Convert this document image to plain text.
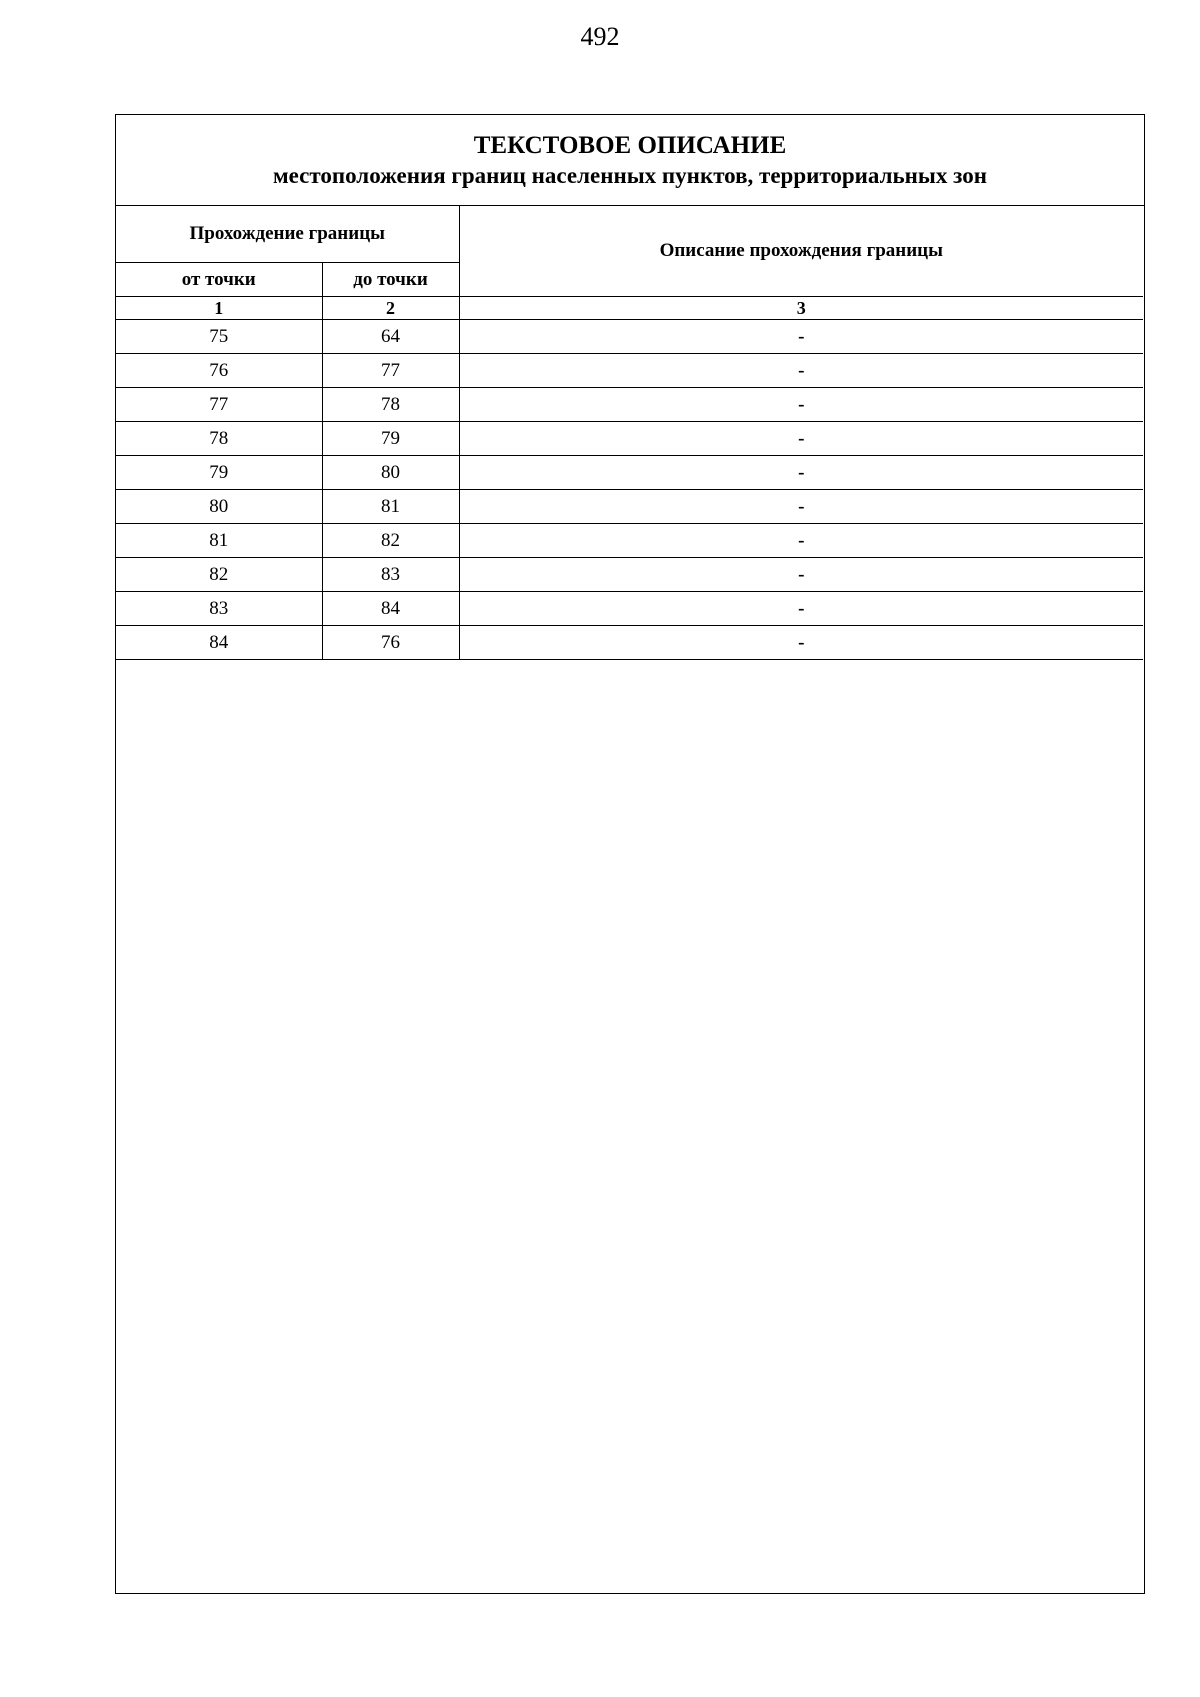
492
ТЕКСТОВОЕ ОПИСАНИЕ
местоположения границ населенных пунктов, территориальных зон
Прохождение границы		Описание прохождения границы
от точки	до точки	
1	2	3
75	64	-
76	77	-
77	78	-
78	79	-
79	80	-
80	81	-
81	82	-
82	83	-
83	84	-
84	76	-
